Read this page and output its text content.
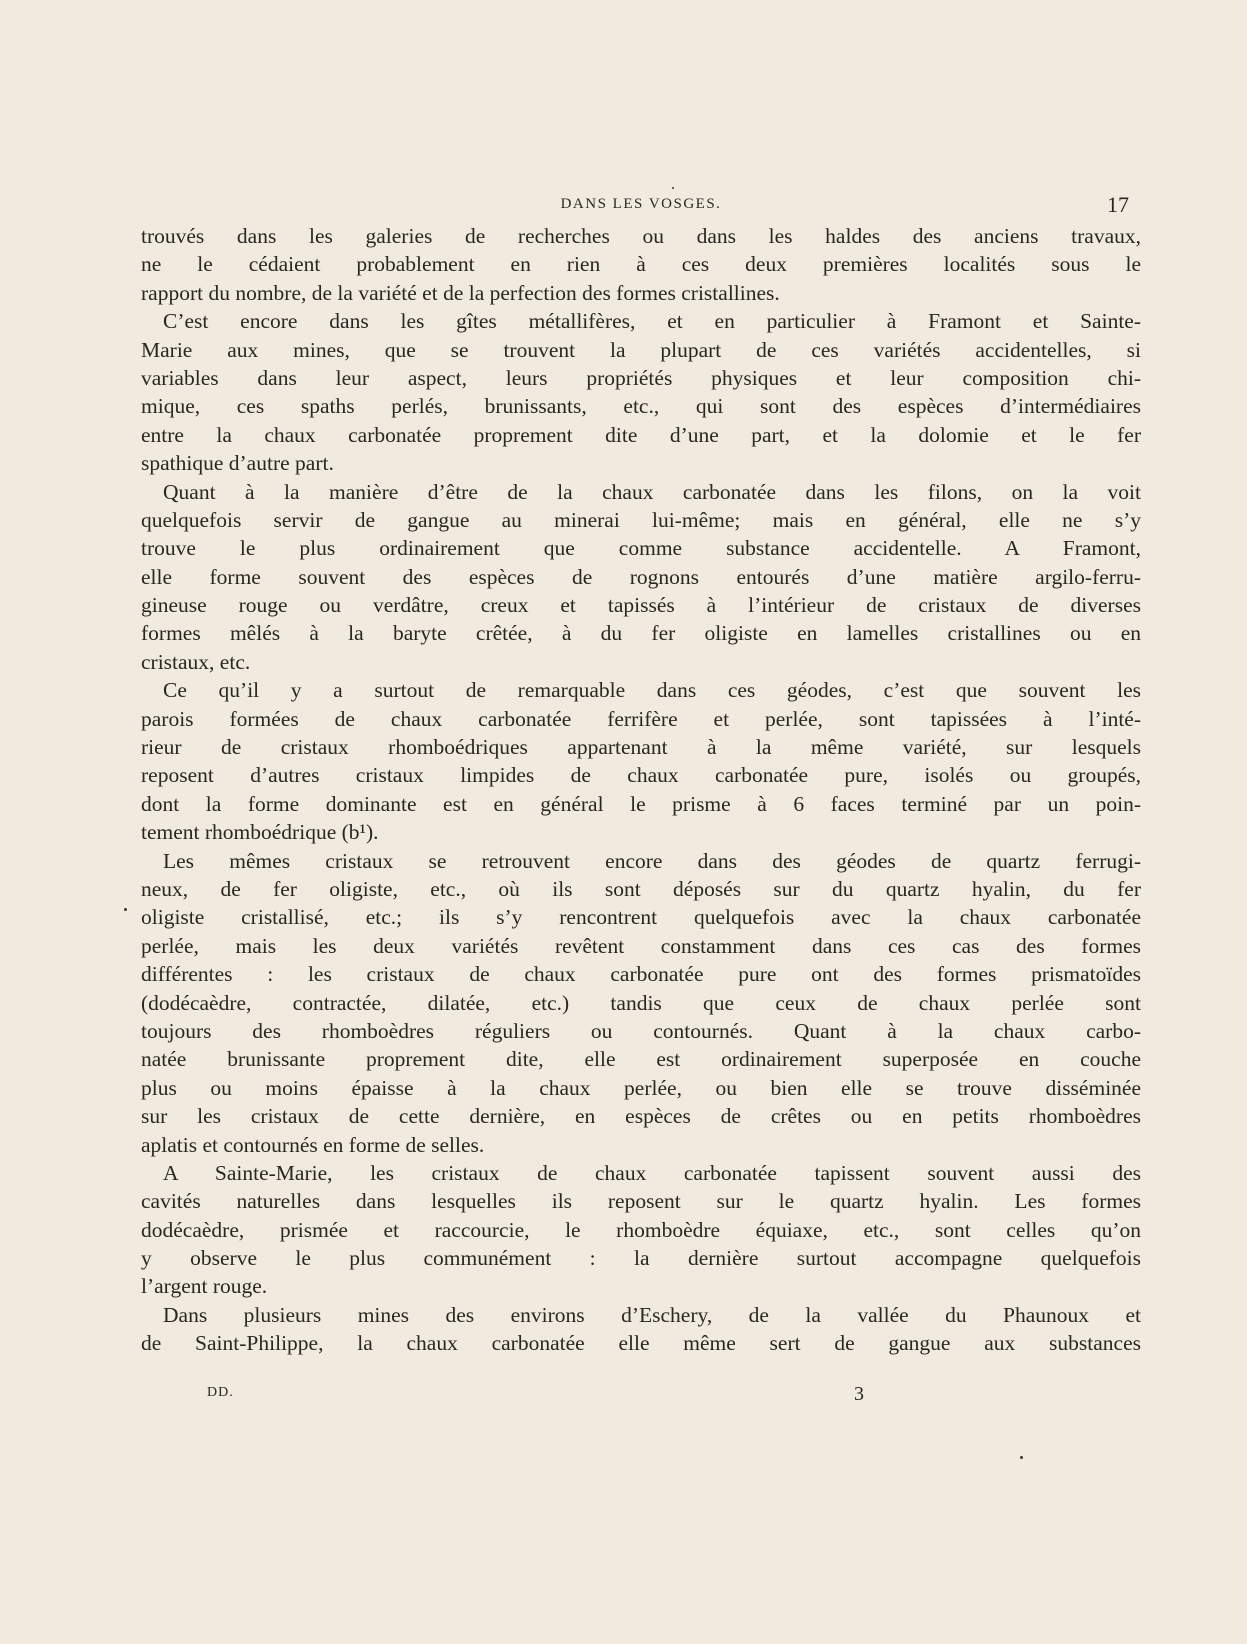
DANS LES VOSGES.	17
trouvés dans les galeries de recherches ou dans les haldes des anciens travaux,
ne le cédaient probablement en rien à ces deux premières localités sous le
rapport du nombre, de la variété et de la perfection des formes cristallines.
C’est encore dans les gîtes métallifères, et en particulier à Framont et Sainte-
Marie aux mines, que se trouvent la plupart de ces variétés accidentelles, si
variables dans leur aspect, leurs propriétés physiques et leur composition chi-
mique, ces spaths perlés, brunissants, etc., qui sont des espèces d’intermédiaires
entre la chaux carbonatée proprement dite d’une part, et la dolomie et le fer
spathique d’autre part.
Quant à la manière d’être de la chaux carbonatée dans les filons, on la voit
quelquefois servir de gangue au minerai lui-même; mais en général, elle ne s’y
trouve le plus ordinairement que comme substance accidentelle. A Framont,
elle forme souvent des espèces de rognons entourés d’une matière argilo-ferru-
gineuse rouge ou verdâtre, creux et tapissés à l’intérieur de cristaux de diverses
formes mêlés à la baryte crêtée, à du fer oligiste en lamelles cristallines ou en
cristaux, etc.
Ce qu’il y a surtout de remarquable dans ces géodes, c’est que souvent les
parois formées de chaux carbonatée ferrifère et perlée, sont tapissées à l’inté-
rieur de cristaux rhomboédriques appartenant à la même variété, sur lesquels
reposent d’autres cristaux limpides de chaux carbonatée pure, isolés ou groupés,
dont la forme dominante est en général le prisme à 6 faces terminé par un poin-
tement rhomboédrique (b¹).
Les mêmes cristaux se retrouvent encore dans des géodes de quartz ferrugi-
neux, de fer oligiste, etc., où ils sont déposés sur du quartz hyalin, du fer
oligiste cristallisé, etc.; ils s’y rencontrent quelquefois avec la chaux carbonatée
perlée, mais les deux variétés revêtent constamment dans ces cas des formes
différentes : les cristaux de chaux carbonatée pure ont des formes prismatoïdes
(dodécaèdre, contractée, dilatée, etc.) tandis que ceux de chaux perlée sont
toujours des rhomboèdres réguliers ou contournés. Quant à la chaux carbo-
natée brunissante proprement dite, elle est ordinairement superposée en couche
plus ou moins épaisse à la chaux perlée, ou bien elle se trouve disséminée
sur les cristaux de cette dernière, en espèces de crêtes ou en petits rhomboèdres
aplatis et contournés en forme de selles.
A Sainte-Marie, les cristaux de chaux carbonatée tapissent souvent aussi des
cavités naturelles dans lesquelles ils reposent sur le quartz hyalin. Les formes
dodécaèdre, prismée et raccourcie, le rhomboèdre équiaxe, etc., sont celles qu’on
y observe le plus communément : la dernière surtout accompagne quelquefois
l’argent rouge.
Dans plusieurs mines des environs d’Eschery, de la vallée du Phaunoux et
de Saint-Philippe, la chaux carbonatée elle même sert de gangue aux substances
DD.	3
